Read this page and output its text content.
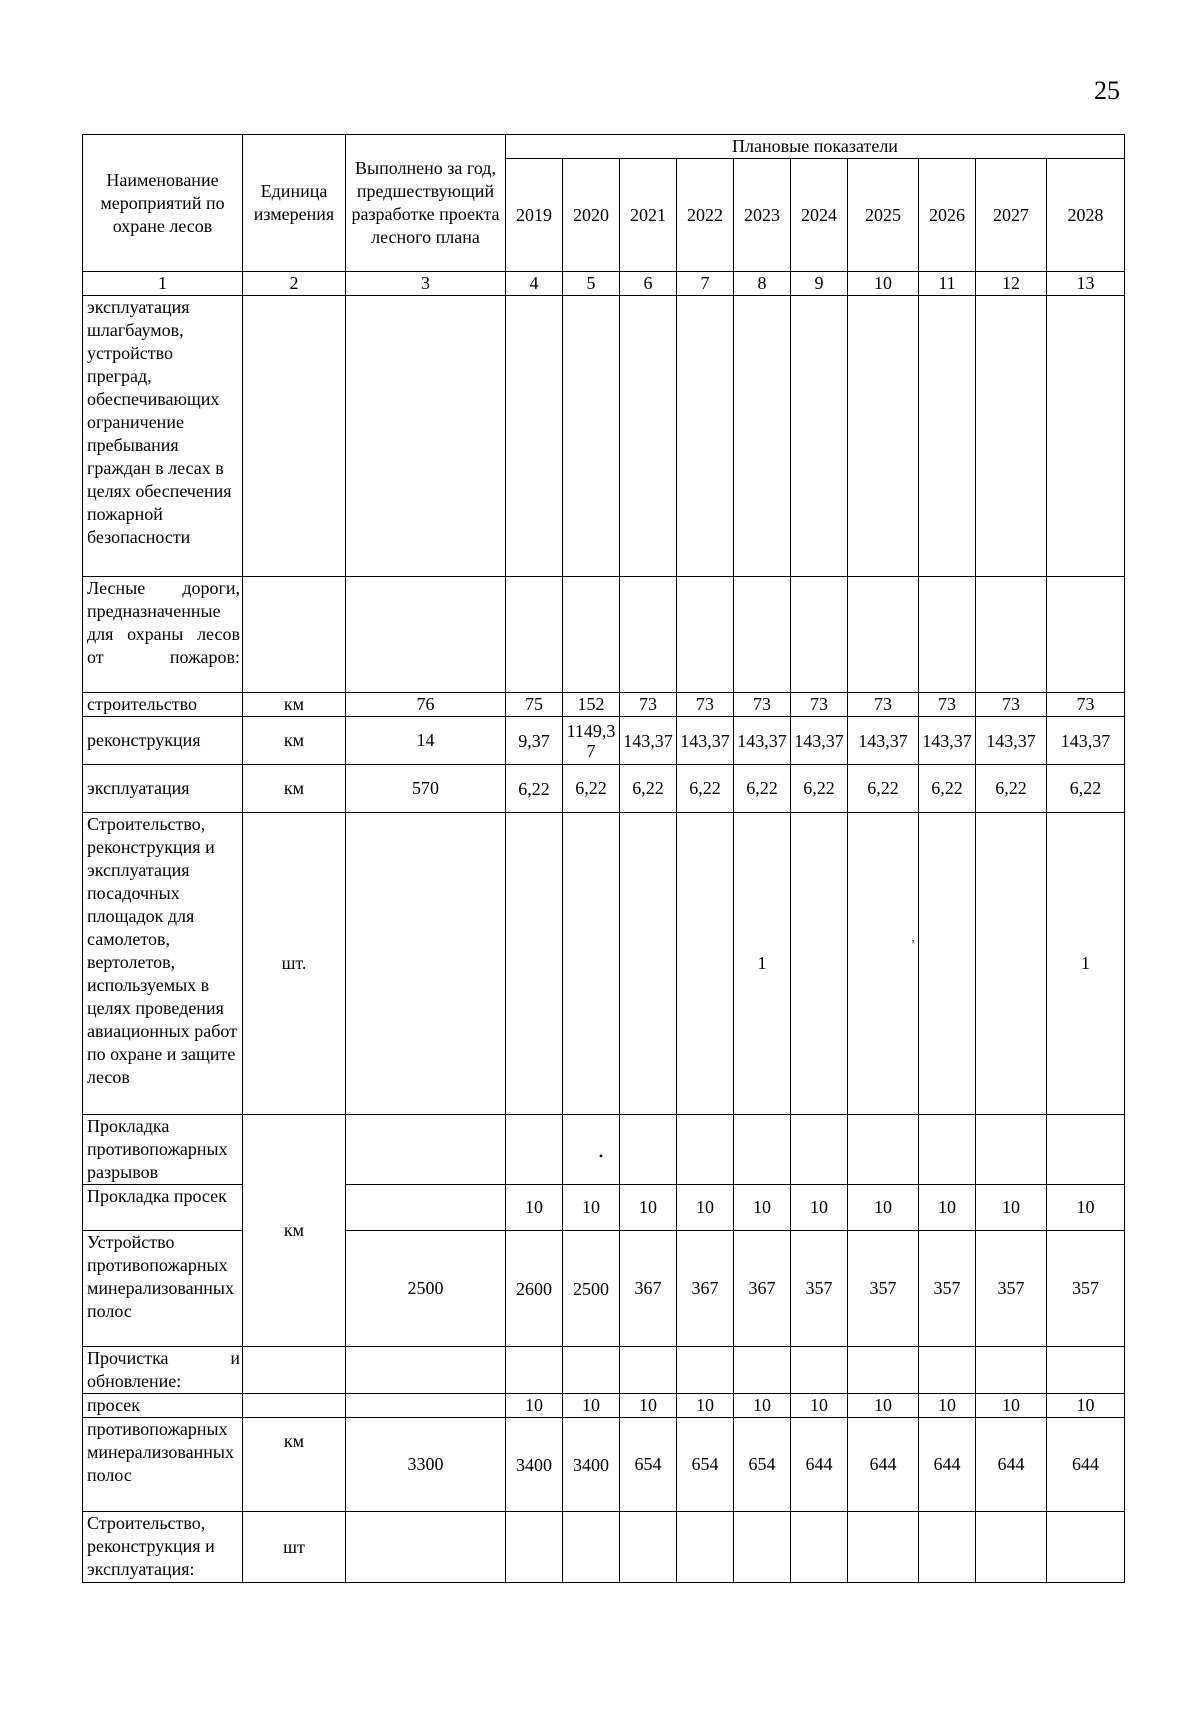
25
Наименование мероприятий по охране лесов	Единица измерения	Выполнено за год, предшествующий разработке проекта лесного плана	Плановые показатели									
			2019	2020	2021	2022	2023	2024	2025	2026	2027	2028
1	2	3	4	5	6	7	8	9	10	11	12	13
эксплуатация шлагбаумов, устройство преград, обеспечивающих ограничение пребывания граждан в лесах в целях обеспечения пожарной безопасности												
Лесные дороги, предназначенные для охраны лесов от пожаров:												
строительство	км	76	75	152	73	73	73	73	73	73	73	73
реконструкция	км	14	9,37	1149,37	143,37	143,37	143,37	143,37	143,37	143,37	143,37	143,37
эксплуатация	км	570	6,22	6,22	6,22	6,22	6,22	6,22	6,22	6,22	6,22	6,22
Строительство, реконструкция и эксплуатация посадочных площадок для самолетов, вертолетов, используемых в целях проведения авиационных работ по охране и защите лесов	шт.						1		ʼ			1
Прокладка противопожарных разрывов	км			•								
Прокладка просек			10	10	10	10	10	10	10	10	10	10
Устройство противопожарных минерализованных полос		2500	2600	2500	367	367	367	357	357	357	357	357
Прочистка и обновление:												
просек			10	10	10	10	10	10	10	10	10	10
противопожарных минерализованных полос	км	3300	3400	3400	654	654	654	644	644	644	644	644
Строительство, реконструкция и эксплуатация:	шт											
